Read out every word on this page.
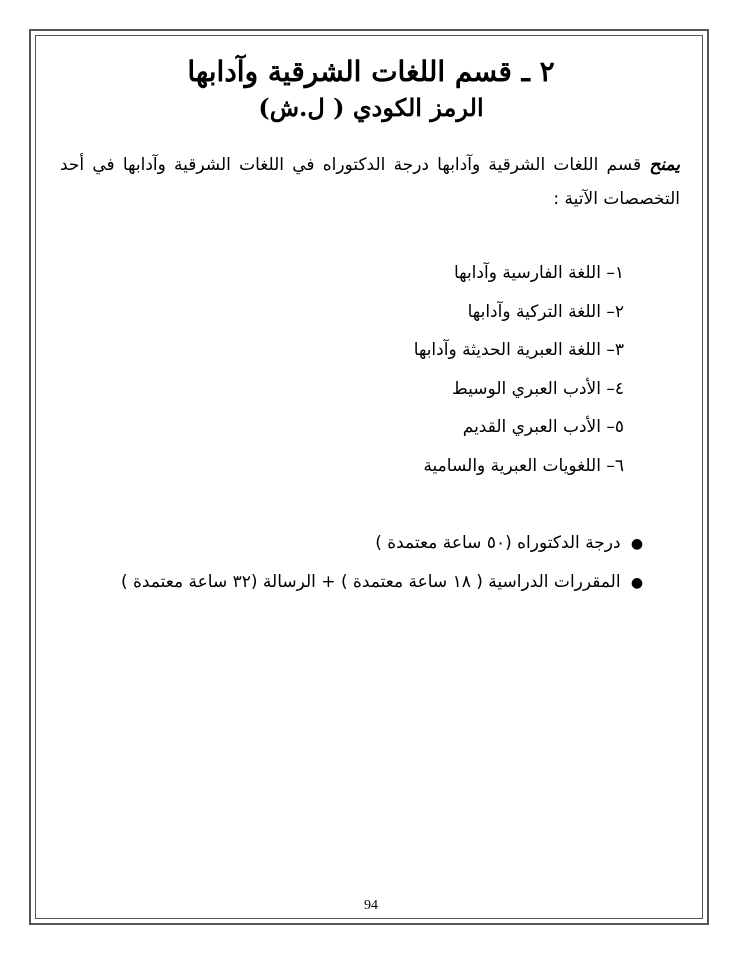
٢ ـ قسم اللغات الشرقية وآدابها
الرمز الكودي ( ل.ش)

يمنح قسم اللغات الشرقية وآدابها درجة الدكتوراه في اللغات الشرقية وآدابها في أحد التخصصات الآتية :

١– اللغة الفارسية وآدابها
٢– اللغة التركية وآدابها
٣– اللغة العبرية الحديثة وآدابها
٤– الأدب العبري الوسيط
٥– الأدب العبري القديم
٦– اللغويات العبرية والسامية
● درجة الدكتوراه (٥٠ ساعة معتمدة )
● المقررات الدراسية ( ١٨ ساعة معتمدة ) + الرسالة (٣٢ ساعة معتمدة )
94
